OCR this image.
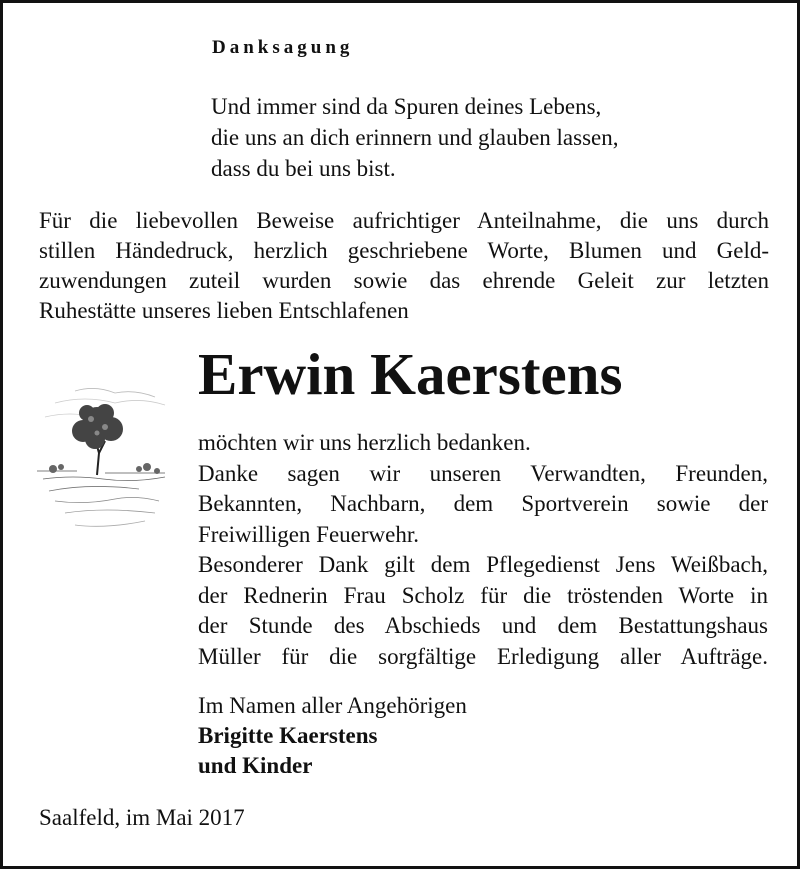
Danksagung
Und immer sind da Spuren deines Lebens,
die uns an dich erinnern und glauben lassen,
dass du bei uns bist.
Für die liebevollen Beweise aufrichtiger Anteilnahme, die uns durch
stillen Händedruck, herzlich geschriebene Worte, Blumen und Geld-
zuwendungen zuteil wurden sowie das ehrende Geleit zur letzten
Ruhestätte unseres lieben Entschlafenen
Erwin Kaerstens
möchten wir uns herzlich bedanken.
Danke sagen wir unseren Verwandten, Freunden,
Bekannten, Nachbarn, dem Sportverein sowie der
Freiwilligen Feuerwehr.
Besonderer Dank gilt dem Pflegedienst Jens Weißbach,
der Rednerin Frau Scholz für die tröstenden Worte in
der Stunde des Abschieds und dem Bestattungshaus
Müller für die sorgfältige Erledigung aller Aufträge.
Im Namen aller Angehörigen
Brigitte Kaerstens
und Kinder
Saalfeld, im Mai 2017
